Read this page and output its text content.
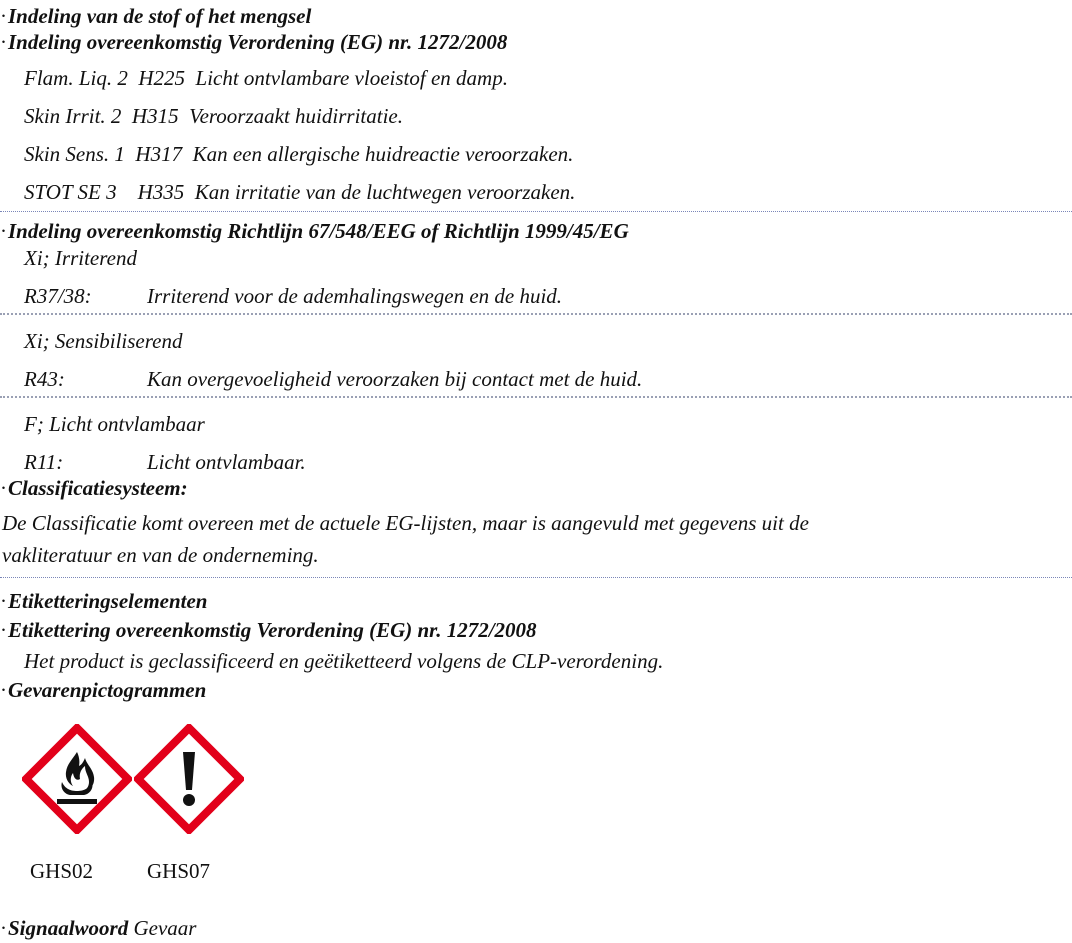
·Indeling van de stof of het mengsel
·Indeling overeenkomstig Verordening (EG) nr. 1272/2008
Flam. Liq. 2 H225 Licht ontvlambare vloeistof en damp.
Skin Irrit. 2 H315 Veroorzaakt huidirritatie.
Skin Sens. 1 H317 Kan een allergische huidreactie veroorzaken.
STOT SE 3 H335 Kan irritatie van de luchtwegen veroorzaken.
·Indeling overeenkomstig Richtlijn 67/548/EEG of Richtlijn 1999/45/EG
Xi; Irriterend
R37/38:	Irriterend voor de ademhalingswegen en de huid.
Xi; Sensibiliserend
R43:	Kan overgevoeligheid veroorzaken bij contact met de huid.
F; Licht ontvlambaar
R11:	Licht ontvlambaar.
·Classificatiesysteem:
De Classificatie komt overeen met de actuele EG-lijsten, maar is aangevuld met gegevens uit de
vakliteratuur en van de onderneming.
·Etiketteringselementen
·Etikettering overeenkomstig Verordening (EG) nr. 1272/2008
Het product is geclassificeerd en geëtiketteerd volgens de CLP-verordening.
·Gevarenpictogrammen
GHS02	GHS07
·Signaalwoord Gevaar
